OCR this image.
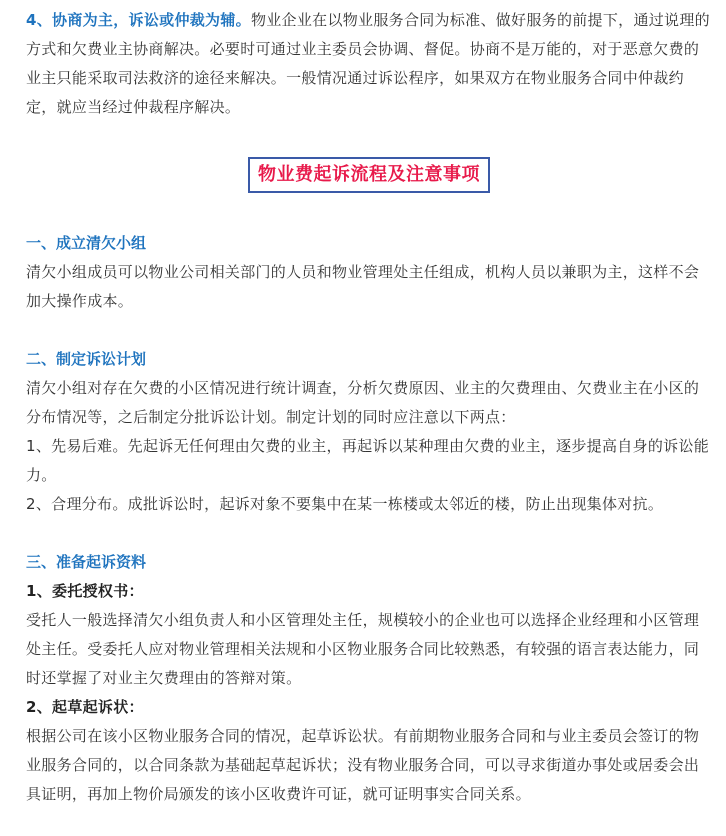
4、协商为主，诉讼或仲裁为辅。物业企业在以物业服务合同为标准、做好服务的前提下，通过说理的方式和欠费业主协商解决。必要时可通过业主委员会协调、督促。协商不是万能的，对于恶意欠费的业主只能采取司法救济的途径来解决。一般情况通过诉讼程序，如果双方在物业服务合同中仲裁约定，就应当经过仲裁程序解决。

物业费起诉流程及注意事项
一、成立清欠小组

清欠小组成员可以物业公司相关部门的人员和物业管理处主任组成，机构人员以兼职为主，这样不会加大操作成本。

二、制定诉讼计划

清欠小组对存在欠费的小区情况进行统计调查，分析欠费原因、业主的欠费理由、欠费业主在小区的分布情况等，之后制定分批诉讼计划。制定计划的同时应注意以下两点：

1、先易后难。先起诉无任何理由欠费的业主，再起诉以某种理由欠费的业主，逐步提高自身的诉讼能力。

2、合理分布。成批诉讼时，起诉对象不要集中在某一栋楼或太邻近的楼，防止出现集体对抗。

三、准备起诉资料

1、委托授权书：

受托人一般选择清欠小组负责人和小区管理处主任，规模较小的企业也可以选择企业经理和小区管理处主任。受委托人应对物业管理相关法规和小区物业服务合同比较熟悉，有较强的语言表达能力，同时还掌握了对业主欠费理由的答辩对策。

2、起草起诉状：

根据公司在该小区物业服务合同的情况，起草诉讼状。有前期物业服务合同和与业主委员会签订的物业服务合同的，以合同条款为基础起草起诉状；没有物业服务合同，可以寻求街道办事处或居委会出具证明，再加上物价局颁发的该小区收费许可证，就可证明事实合同关系。
